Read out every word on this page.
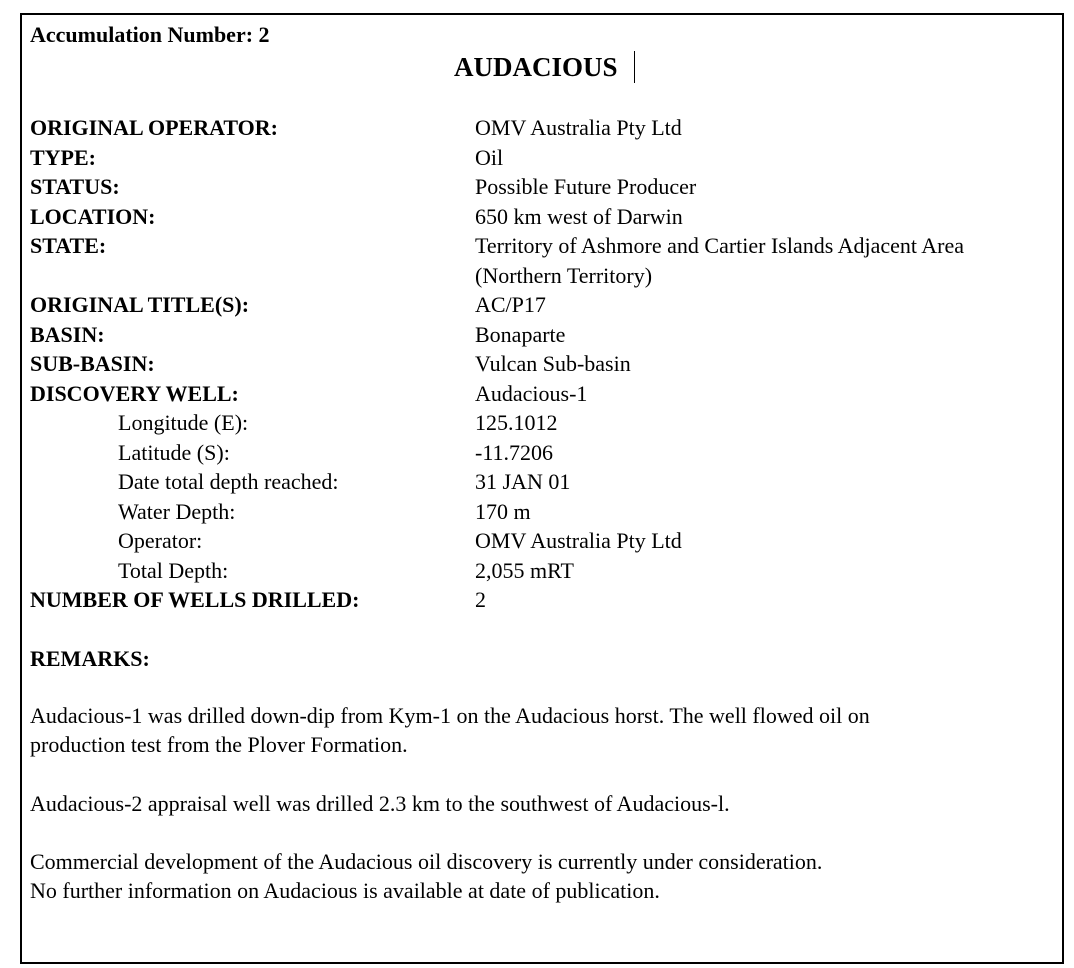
Accumulation Number: 2
AUDACIOUS
ORIGINAL OPERATOR:	OMV Australia Pty Ltd
TYPE:	Oil
STATUS:	Possible Future Producer
LOCATION:	650 km west of Darwin
STATE:	Territory of Ashmore and Cartier Islands Adjacent Area
(Northern Territory)
ORIGINAL TITLE(S):	AC/P17
BASIN:	Bonaparte
SUB-BASIN:	Vulcan Sub-basin
DISCOVERY WELL:	Audacious-1
Longitude (E):	125.1012
Latitude (S):	-11.7206
Date total depth reached:	31 JAN 01
Water Depth:	170 m
Operator:	OMV Australia Pty Ltd
Total Depth:	2,055 mRT
NUMBER OF WELLS DRILLED:	2
REMARKS:
Audacious-1 was drilled down-dip from Kym-1 on the Audacious horst. The well flowed oil on
production test from the Plover Formation.
Audacious-2 appraisal well was drilled 2.3 km to the southwest of Audacious-l.
Commercial development of the Audacious oil discovery is currently under consideration.
No further information on Audacious is available at date of publication.
